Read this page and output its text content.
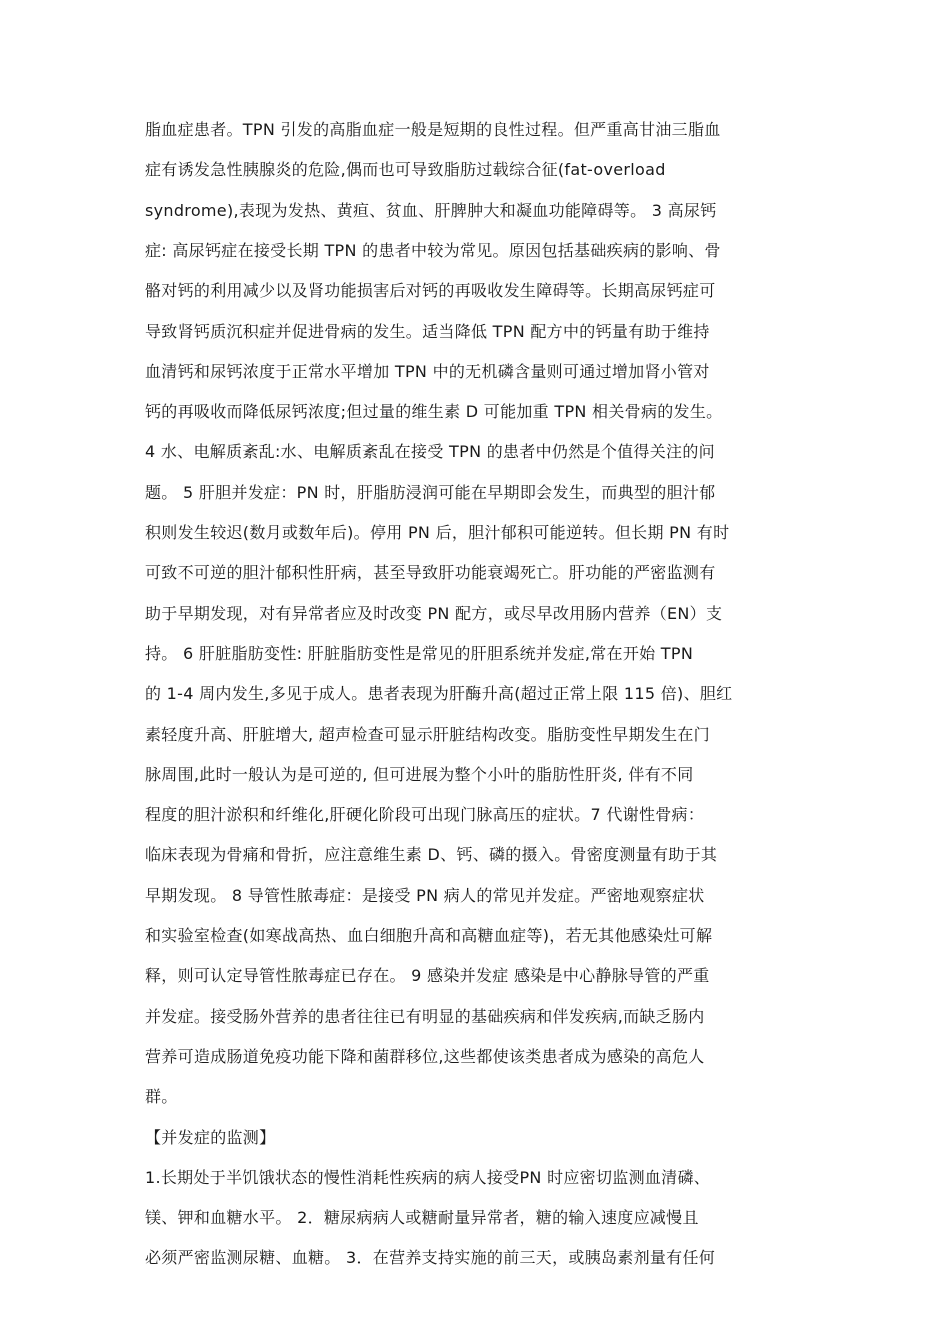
脂血症患者。TPN 引发的高脂血症一般是短期的良性过程。但严重高甘油三脂血
症有诱发急性胰腺炎的危险,偶而也可导致脂肪过载综合征(fat-overload
syndrome),表现为发热、黄疸、贫血、肝脾肿大和凝血功能障碍等。 3 高尿钙
症: 高尿钙症在接受长期 TPN 的患者中较为常见。原因包括基础疾病的影响、骨
骼对钙的利用减少以及肾功能损害后对钙的再吸收发生障碍等。长期高尿钙症可
导致肾钙质沉积症并促进骨病的发生。适当降低 TPN 配方中的钙量有助于维持
血清钙和尿钙浓度于正常水平增加 TPN 中的无机磷含量则可通过增加肾小管对
钙的再吸收而降低尿钙浓度;但过量的维生素 D 可能加重 TPN 相关骨病的发生。
4 水、电解质紊乱:水、电解质紊乱在接受 TPN 的患者中仍然是个值得关注的问
题。 5 肝胆并发症：PN 时，肝脂肪浸润可能在早期即会发生，而典型的胆汁郁
积则发生较迟(数月或数年后)。停用 PN 后，胆汁郁积可能逆转。但长期 PN 有时
可致不可逆的胆汁郁积性肝病，甚至导致肝功能衰竭死亡。肝功能的严密监测有
助于早期发现，对有异常者应及时改变 PN 配方，或尽早改用肠内营养（EN）支
持。 6 肝脏脂肪变性: 肝脏脂肪变性是常见的肝胆系统并发症,常在开始 TPN
的 1-4 周内发生,多见于成人。患者表现为肝酶升高(超过正常上限 115 倍)、胆红
素轻度升高、肝脏增大, 超声检查可显示肝脏结构改变。脂肪变性早期发生在门
脉周围,此时一般认为是可逆的, 但可进展为整个小叶的脂肪性肝炎, 伴有不同
程度的胆汁淤积和纤维化,肝硬化阶段可出现门脉高压的症状。7 代谢性骨病：
临床表现为骨痛和骨折，应注意维生素 D、钙、磷的摄入。骨密度测量有助于其
早期发现。 8 导管性脓毒症：是接受 PN 病人的常见并发症。严密地观察症状
和实验室检查(如寒战高热、血白细胞升高和高糖血症等)，若无其他感染灶可解
释，则可认定导管性脓毒症已存在。 9 感染并发症 感染是中心静脉导管的严重
并发症。接受肠外营养的患者往往已有明显的基础疾病和伴发疾病,而缺乏肠内
营养可造成肠道免疫功能下降和菌群移位,这些都使该类患者成为感染的高危人
群。
【并发症的监测】
1.长期处于半饥饿状态的慢性消耗性疾病的病人接受PN 时应密切监测血清磷、
镁、钾和血糖水平。 2．糖尿病病人或糖耐量异常者，糖的输入速度应减慢且
必须严密监测尿糖、血糖。 3．在营养支持实施的前三天，或胰岛素剂量有任何
